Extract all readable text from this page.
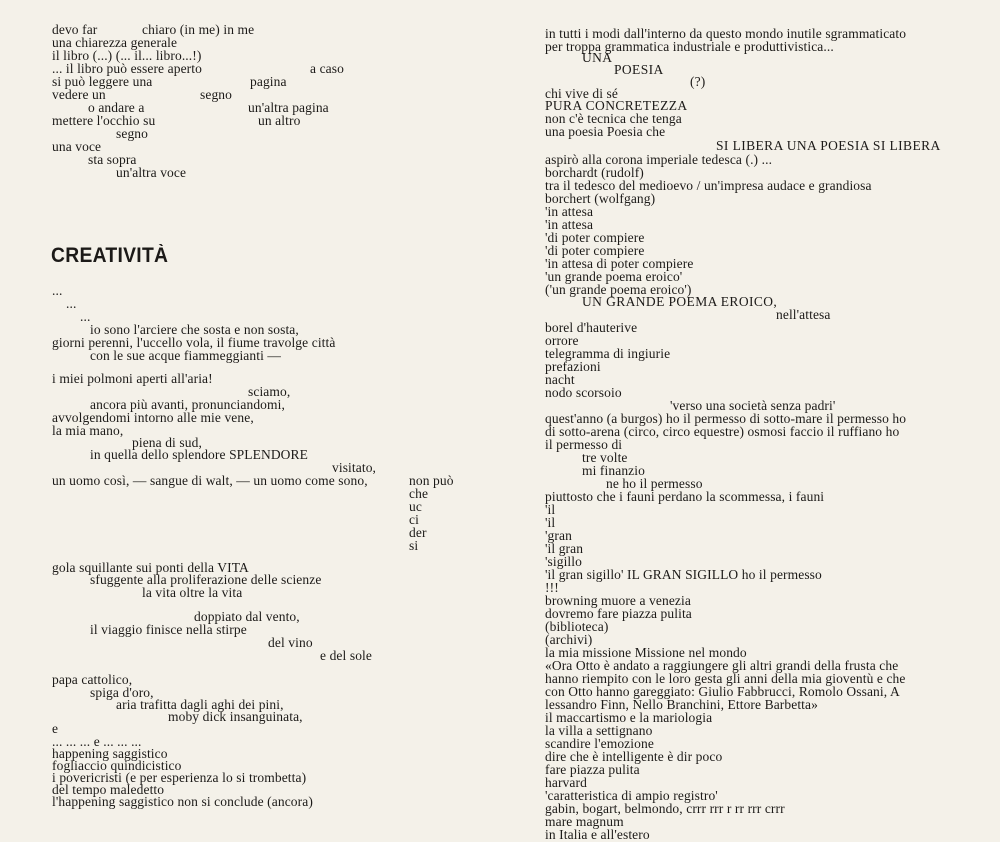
devo far	chiaro (in me) in me
una chiarezza generale
il libro (...) (... il... libro...!)
... il libro può essere aperto	a caso
si può leggere una	pagina
vedere un	segno
o andare a	un'altra pagina
mettere l'occhio su	un altro
segno
una voce
sta sopra
un'altra voce
CREATIVITÀ
...
...
...
io sono l'arciere che sosta e non sosta,
giorni perenni, l'uccello vola, il fiume travolge città
con le sue acque fiammeggianti —
i miei polmoni aperti all'aria!
sciamo,
ancora più avanti, pronunciandomi,
avvolgendomi intorno alle mie vene,
la mia mano,
piena di sud,
in quella dello splendore SPLENDORE
visitato,
un uomo così, — sangue di walt, — un uomo come sono,	non può
che
uc
ci
der
si
gola squillante sui ponti della VITA
sfuggente alla proliferazione delle scienze
la vita oltre la vita
doppiato dal vento,
il viaggio finisce nella stirpe
del vino
e del sole
papa cattolico,
spiga d'oro,
aria trafitta dagli aghi dei pini,
moby dick insanguinata,
e
... ... ... e ... ... ...
happening saggistico
fogliaccio quindicistico
i povericristi (e per esperienza lo si trombetta)
del tempo maledetto
l'happening saggistico non si conclude (ancora)
in tutti i modi dall'interno da questo mondo inutile sgrammaticato
per troppa grammatica industriale e produttivistica...
UNA
POESIA
(?)
chi vive di sé
PURA CONCRETEZZA
non c'è tecnica che tenga
una poesia Poesia che
SI LIBERA UNA POESIA SI LIBERA
aspirò alla corona imperiale tedesca (.) ...
borchardt (rudolf)
tra il tedesco del medioevo / un'impresa audace e grandiosa
borchert (wolfgang)
'in attesa
'in attesa
'di poter compiere
'di poter compiere
'in attesa di poter compiere
'un grande poema eroico'
('un grande poema eroico')
UN GRANDE POEMA EROICO,
nell'attesa
borel d'hauterive
orrore
telegramma di ingiurie
prefazioni
nacht
nodo scorsoio
'verso una società senza padri'
quest'anno (a burgos) ho il permesso di sotto-mare il permesso ho
di sotto-arena (circo, circo equestre) osmosi faccio il ruffiano ho
il permesso di
tre volte
mi finanzio
ne ho il permesso
piuttosto che i fauni perdano la scommessa, i fauni
'il
'il
'gran
'il gran
'sigillo
'il gran sigillo' IL GRAN SIGILLO ho il permesso
!!!
browning muore a venezia
dovremo fare piazza pulita
(biblioteca)
(archivi)
la mia missione Missione nel mondo
«Ora Otto è andato a raggiungere gli altri grandi della frusta che
hanno riempito con le loro gesta gli anni della mia gioventù e che
con Otto hanno gareggiato: Giulio Fabbrucci, Romolo Ossani, A
lessandro Finn, Nello Branchini, Ettore Barbetta»
il maccartismo e la mariologia
la villa a settignano
scandire l'emozione
dire che è intelligente è dir poco
fare piazza pulita
harvard
'caratteristica di ampio registro'
gabin, bogart, belmondo, crrr rrr r rr rrr crrr
mare magnum
in Italia e all'estero
